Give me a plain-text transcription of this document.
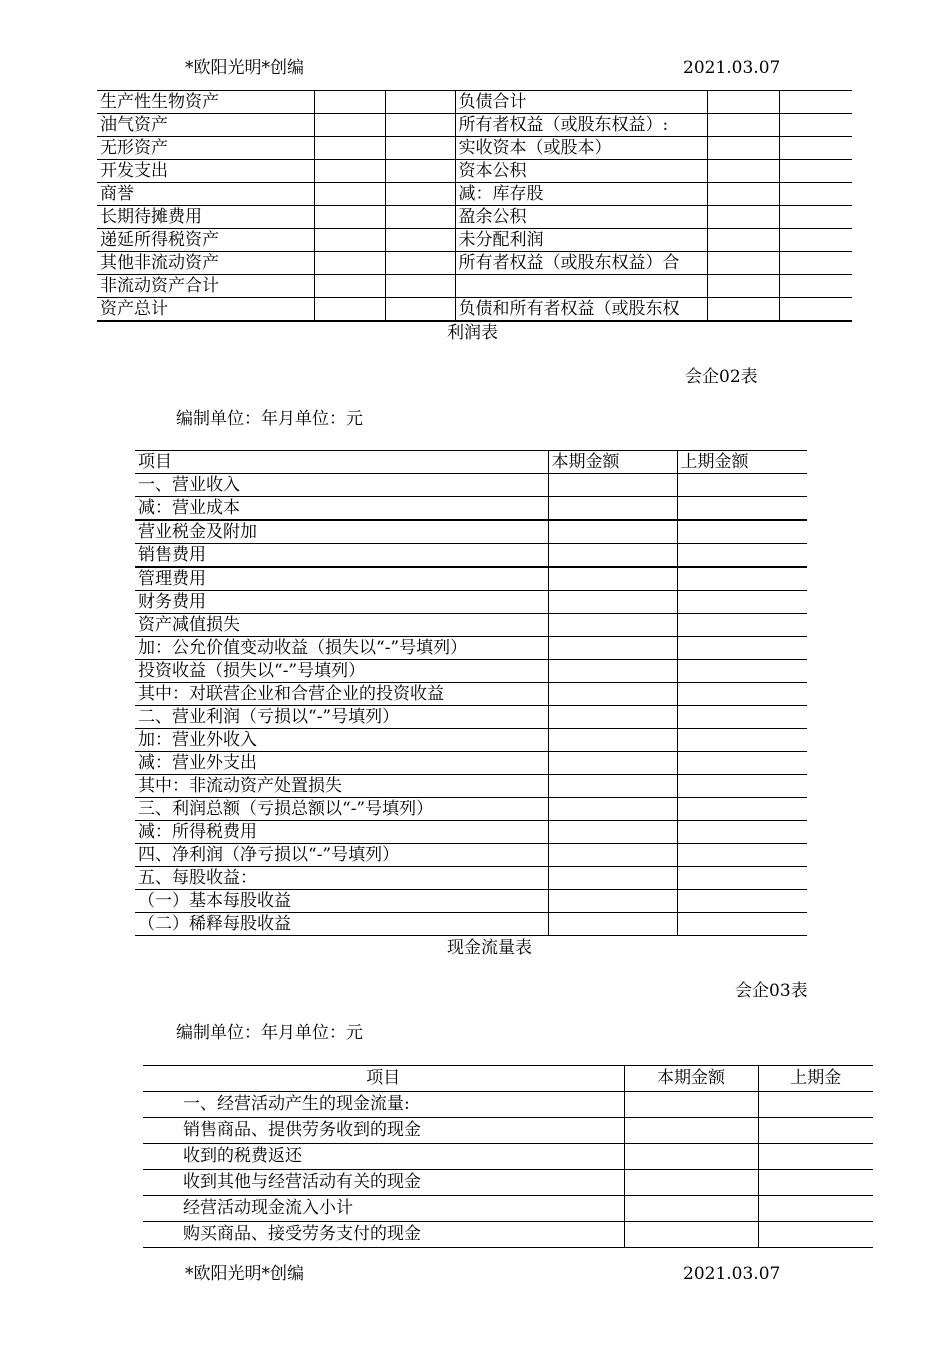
*欧阳光明*创编	2021.03.07
生产性生物资产			负债合计		
油气资产			所有者权益（或股东权益）:		
无形资产			实收资本（或股本）		
开发支出			资本公积		
商誉			减：库存股		
长期待摊费用			盈余公积		
递延所得税资产			未分配利润		
其他非流动资产			所有者权益（或股东权益）合		
非流动资产合计					
资产总计			负债和所有者权益（或股东权		
利润表
会企02表
编制单位：年月单位：元
项目	本期金额	上期金额
一、营业收入		
减：营业成本		
营业税金及附加		
销售费用		
管理费用		
财务费用		
资产减值损失		
加：公允价值变动收益（损失以“-”号填列）		
投资收益（损失以“-”号填列）		
其中：对联营企业和合营企业的投资收益		
二、营业利润（亏损以“-”号填列）		
加：营业外收入		
减：营业外支出		
其中：非流动资产处置损失		
三、利润总额（亏损总额以“-”号填列）		
减：所得税费用		
四、净利润（净亏损以“-”号填列）		
五、每股收益：		
（一）基本每股收益		
（二）稀释每股收益		
现金流量表
会企03表
编制单位：年月单位：元
项目	本期金额	上期金
一、经营活动产生的现金流量:		
销售商品、提供劳务收到的现金		
收到的税费返还		
收到其他与经营活动有关的现金		
经营活动现金流入小计		
购买商品、接受劳务支付的现金		
*欧阳光明*创编	2021.03.07
